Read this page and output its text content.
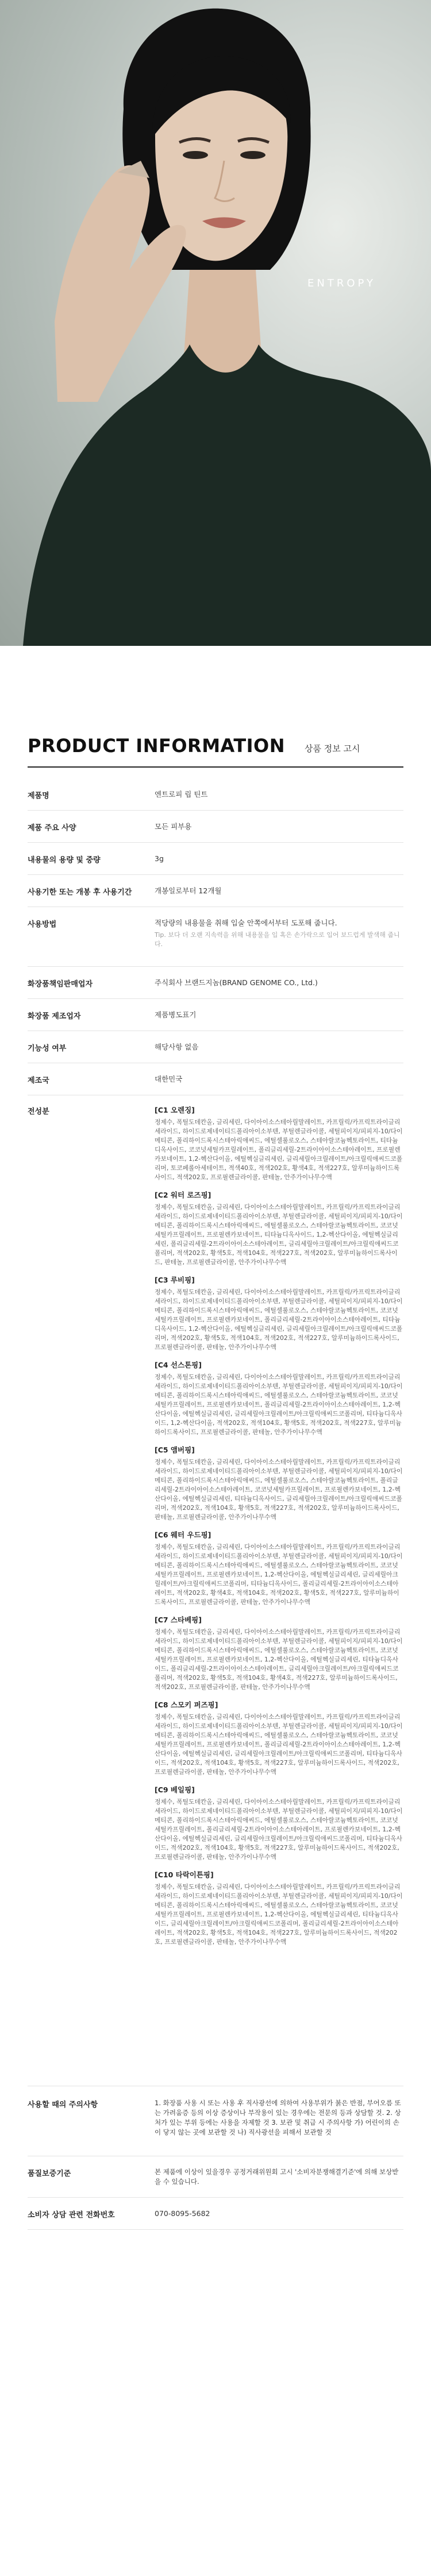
ENTROPY
PRODUCT INFORMATION 상품 정보 고시
제품명	엔트로피 립 틴트
제품 주요 사양	모든 피부용
내용물의 용량 및 중량	3g
사용기한 또는 개봉 후 사용기간	개봉일로부터 12개월
사용방법	적당량의 내용물을 취해 입술 안쪽에서부터 도포해 줍니다.
Tip. 보다 더 오랜 지속력을 위해 내용물을 입 혹은 손가락으로 입어 보드럽게 발색해 줍니다.
화장품책임판매업자	주식회사 브랜드지놈(BRAND GENOME CO., Ltd.)
화장품 제조업자	제품병도표기
기능성 여부	해당사항 없음
제조국	대한민국
전성분	[C1 오렌징]
정제수, 폭틸도데칸올, 글리세린, 다이아이소스테아릴말레이트, 카프릴릭/카프릭트라이글리세라이드, 하이드로제네이티드폴리아이소부텐, 부틸렌글라이콜, 세틸피이지/피피지-10/다이메티콘, 폴리하이드록시스테아릭애씨드, 에틸셀룰로오스, 스테아랄코늄헥토라이트, 티타늄디옥사이드, 코코넛세틸카프릴레이트, 폴리글리세릴-2트라이아이소스테아레이트, 프로필렌카보네이트, 1,2-헥산다이올, 에틸헥실글리세린, 글리세릴아크릴레이트/아크릴릭애씨드코폴리머, 토코페롤아세테이트, 적색40호, 적색202호, 황색4호, 적색227호, 알루미늄하이드록사이드, 적색202호, 프로필렌글라이콜, 판테놀, 안주가이나무수액
[C2 워터 로즈핑]
정제수, 폭틸도데칸올, 글리세린, 다이아이소스테아릴말레이트, 카프릴릭/카프릭트라이글리세라이드, 하이드로제네이티드폴리아이소부텐, 부틸렌글라이콜, 세틸피이지/피피지-10/다이메티콘, 폴리하이드록시스테아릭애씨드, 에틸셀룰로오스, 스테아랄코늄헥토라이트, 코코넛세틸카프릴레이트, 프로필렌카보네이트, 티타늄디옥사이드, 1,2-헥산다이올, 에틸헥실글리세린, 폴리글리세릴-2트라이아이소스테아레이트, 글리세릴아크릴레이트/아크릴릭애씨드코폴리머, 적색202호, 황색5호, 적색104호, 적색227호, 적색202호, 알루미늄하이드록사이드, 판테놀, 프로필렌글라이콜, 안주가이나무수액
[C3 루비핑]
정제수, 폭틸도데칸올, 글리세린, 다이아이소스테아릴말레이트, 카프릴릭/카프릭트라이글리세라이드, 하이드로제네이티드폴리아이소부텐, 부틸렌글라이콜, 세틸피이지/피피지-10/다이메티콘, 폴리하이드록시스테아릭애씨드, 에틸셀룰로오스, 스테아랄코늄헥토라이트, 코코넛세틸카프릴레이트, 프로필렌카보네이트, 폴리글리세릴-2트라이아이소스테아레이트, 티타늄디옥사이드, 1,2-헥산다이올, 에틸헥실글리세린, 글리세릴아크릴레이트/아크릴릭애씨드코폴리머, 적색202호, 황색5호, 적색104호, 적색202호, 적색227호, 알루미늄하이드록사이드, 프로필렌글라이콜, 판테놀, 안주가이나무수액
[C4 선스톤핑]
정제수, 폭틸도데칸올, 글리세린, 다이아이소스테아릴말레이트, 카프릴릭/카프릭트라이글리세라이드, 하이드로제네이티드폴리아이소부텐, 부틸렌글라이콜, 세틸피이지/피피지-10/다이메티콘, 폴리하이드록시스테아릭애씨드, 에틸셀룰로오스, 스테아랄코늄헥토라이트, 코코넛세틸카프릴레이트, 프로필렌카보네이트, 폴리글리세릴-2트라이아이소스테아레이트, 1,2-헥산다이올, 에틸헥실글리세린, 글리세릴아크릴레이트/아크릴릭애씨드코폴리머, 티타늄디옥사이드, 1,2-헥산다이올, 적색202호, 적색104호, 황색5호, 적색202호, 적색227호, 알루미늄하이드록사이드, 프로필렌글라이콜, 판테놀, 안주가이나무수액
[C5 앰버핑]
정제수, 폭틸도데칸올, 글리세린, 다이아이소스테아릴말레이트, 카프릴릭/카프릭트라이글리세라이드, 하이드로제네이티드폴리아이소부텐, 부틸렌글라이콜, 세틸피이지/피피지-10/다이메티콘, 폴리하이드록시스테아릭애씨드, 에틸셀룰로오스, 스테아랄코늄헥토라이트, 폴리글리세릴-2트라이아이소스테아레이트, 코코넛세틸카프릴레이트, 프로필렌카보네이트, 1,2-헥산다이올, 에틸헥실글리세린, 티타늄디옥사이드, 글리세릴아크릴레이트/아크릴릭애씨드코폴리머, 적색202호, 적색104호, 황색5호, 적색227호, 적색202호, 알루미늄하이드록사이드, 판테놀, 프로필렌글라이콜, 안주가이나무수액
[C6 웨터 우드핑]
정제수, 폭틸도데칸올, 글리세린, 다이아이소스테아릴말레이트, 카프릴릭/카프릭트라이글리세라이드, 하이드로제네이티드폴리아이소부텐, 부틸렌글라이콜, 세틸피이지/피피지-10/다이메티콘, 폴리하이드록시스테아릭애씨드, 에틸셀룰로오스, 스테아랄코늄헥토라이트, 코코넛세틸카프릴레이트, 프로필렌카보네이트, 1,2-헥산다이올, 에틸헥실글리세린, 글리세릴아크릴레이트/아크릴릭애씨드코폴리머, 티타늄디옥사이드, 폴리글리세릴-2트라이아이소스테아레이트, 적색202호, 황색4호, 적색104호, 적색202호, 황색5호, 적색227호, 알루미늄하이드록사이드, 프로필렌글라이콜, 판테놀, 안주가이나무수액
[C7 스타베핑]
정제수, 폭틸도데칸올, 글리세린, 다이아이소스테아릴말레이트, 카프릴릭/카프릭트라이글리세라이드, 하이드로제네이티드폴리아이소부텐, 부틸렌글라이콜, 세틸피이지/피피지-10/다이메티콘, 폴리하이드록시스테아릭애씨드, 에틸셀룰로오스, 스테아랄코늄헥토라이트, 코코넛세틸카프릴레이트, 프로필렌카보네이트, 1,2-헥산다이올, 에틸헥실글리세린, 티타늄디옥사이드, 폴리글리세릴-2트라이아이소스테아레이트, 글리세릴아크릴레이트/아크릴릭애씨드코폴리머, 적색202호, 황색5호, 적색104호, 황색4호, 적색227호, 알루미늄하이드록사이드, 적색202호, 프로필렌글라이콜, 판테놀, 안주가이나무수액
[C8 스모키 퍼즈핑]
정제수, 폭틸도데칸올, 글리세린, 다이아이소스테아릴말레이트, 카프릴릭/카프릭트라이글리세라이드, 하이드로제네이티드폴리아이소부텐, 부틸렌글라이콜, 세틸피이지/피피지-10/다이메티콘, 폴리하이드록시스테아릭애씨드, 에틸셀룰로오스, 스테아랄코늄헥토라이트, 코코넛세틸카프릴레이트, 프로필렌카보네이트, 폴리글리세릴-2트라이아이소스테아레이트, 1,2-헥산다이올, 에틸헥실글리세린, 글리세릴아크릴레이트/아크릴릭애씨드코폴리머, 티타늄디옥사이드, 적색202호, 적색104호, 황색5호, 적색227호, 알루미늄하이드록사이드, 적색202호, 프로필렌글라이콜, 판테놀, 안주가이나무수액
[C9 베일핑]
정제수, 폭틸도데칸올, 글리세린, 다이아이소스테아릴말레이트, 카프릴릭/카프릭트라이글리세라이드, 하이드로제네이티드폴리아이소부텐, 부틸렌글라이콜, 세틸피이지/피피지-10/다이메티콘, 폴리하이드록시스테아릭애씨드, 에틸셀룰로오스, 스테아랄코늄헥토라이트, 코코넛세틸카프릴레이트, 폴리글리세릴-2트라이아이소스테아레이트, 프로필렌카보네이트, 1,2-헥산다이올, 에틸헥실글리세린, 글리세릴아크릴레이트/아크릴릭애씨드코폴리머, 티타늄디옥사이드, 적색202호, 적색104호, 황색5호, 적색227호, 알루미늄하이드록사이드, 적색202호, 프로필렌글라이콜, 판테놀, 안주가이나무수액
[C10 타락이튼핑]
정제수, 폭틸도데칸올, 글리세린, 다이아이소스테아릴말레이트, 카프릴릭/카프릭트라이글리세라이드, 하이드로제네이티드폴리아이소부텐, 부틸렌글라이콜, 세틸피이지/피피지-10/다이메티콘, 폴리하이드록시스테아릭애씨드, 에틸셀룰로오스, 스테아랄코늄헥토라이트, 코코넛세틸카프릴레이트, 프로필렌카보네이트, 1,2-헥산다이올, 에틸헥실글리세린, 티타늄디옥사이드, 글리세릴아크릴레이트/아크릴릭애씨드코폴리머, 폴리글리세릴-2트라이아이소스테아레이트, 적색202호, 황색5호, 적색104호, 적색227호, 알루미늄하이드록사이드, 적색202호, 프로필렌글라이콜, 판테놀, 안주가이나무수액
사용할 때의 주의사항	1. 화장품 사용 시 또는 사용 후 직사광선에 의하여 사용부위가 붉은 반점, 부어오름 또는 가려움증 등의 이상 증상이나 부작용이 있는 경우에는 전문의 등과 상담할 것. 2. 상처가 있는 부위 등에는 사용을 자제할 것 3. 보관 및 취급 시 주의사항 가) 어린이의 손이 닿지 않는 곳에 보관할 것 나) 직사광선을 피해서 보관할 것
품질보증기준	본 제품에 이상이 있을경우 공정거래위원회 고시 '소비자분쟁해결기준'에 의해 보상받을 수 있습니다.
소비자 상담 관련 전화번호	070-8095-5682
